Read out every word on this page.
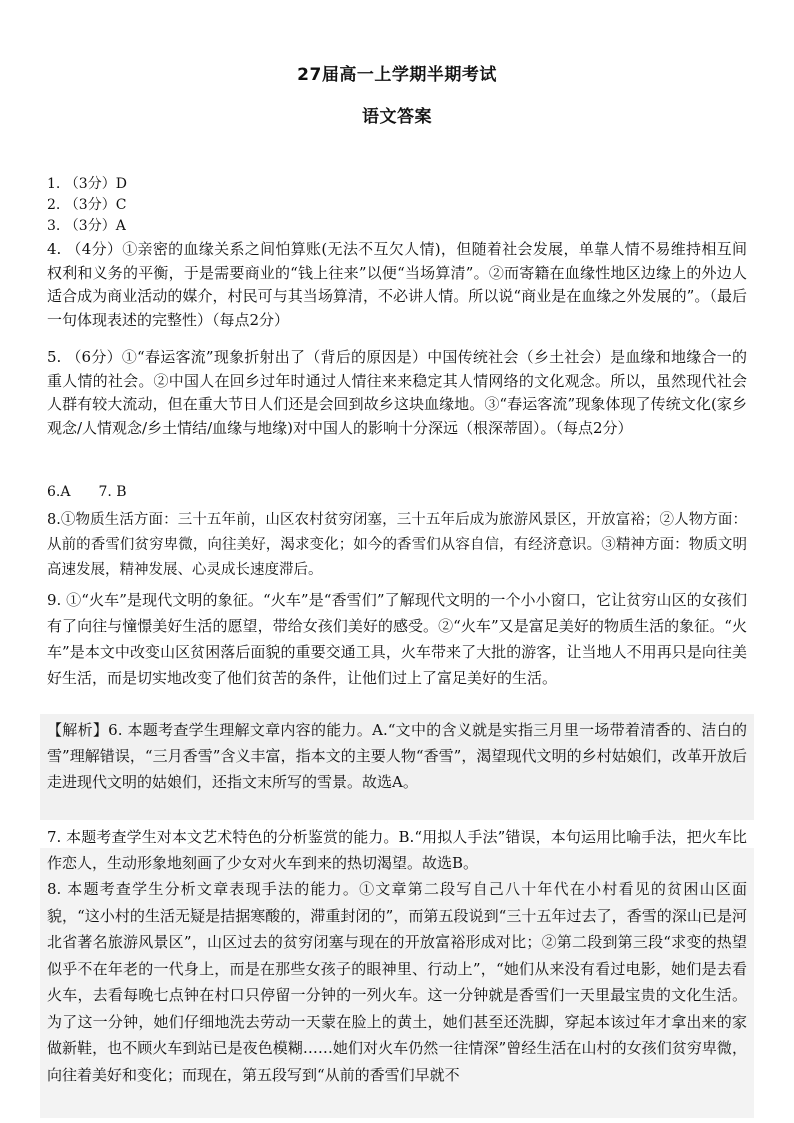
27届高一上学期半期考试
语文答案
1. （3分）D
2. （3分）C
3. （3分）A
4. （4分）①亲密的血缘关系之间怕算账(无法不互欠人情)，但随着社会发展，单靠人情不易维持相互间权利和义务的平衡，于是需要商业的“钱上往来”以便“当场算清”。②而寄籍在血缘性地区边缘上的外边人适合成为商业活动的媒介，村民可与其当场算清，不必讲人情。所以说“商业是在血缘之外发展的”。（最后一句体现表述的完整性）（每点2分）
5. （6分）①“春运客流”现象折射出了（背后的原因是）中国传统社会（乡土社会）是血缘和地缘合一的重人情的社会。②中国人在回乡过年时通过人情往来来稳定其人情网络的文化观念。所以，虽然现代社会人群有较大流动，但在重大节日人们还是会回到故乡这块血缘地。③“春运客流”现象体现了传统文化(家乡观念/人情观念/乡土情结/血缘与地缘)对中国人的影响十分深远（根深蒂固）。（每点2分）
6.A　　7. B
8.①物质生活方面：三十五年前，山区农村贫穷闭塞，三十五年后成为旅游风景区，开放富裕；②人物方面：从前的香雪们贫穷卑微，向往美好，渴求变化；如今的香雪们从容自信，有经济意识。③精神方面：物质文明高速发展，精神发展、心灵成长速度滞后。
9. ①“火车”是现代文明的象征。“火车”是“香雪们”了解现代文明的一个小小窗口，它让贫穷山区的女孩们有了向往与憧憬美好生活的愿望，带给女孩们美好的感受。②“火车”又是富足美好的物质生活的象征。“火车”是本文中改变山区贫困落后面貌的重要交通工具，火车带来了大批的游客，让当地人不用再只是向往美好生活，而是切实地改变了他们贫苦的条件，让他们过上了富足美好的生活。
【解析】6. 本题考查学生理解文章内容的能力。A.“文中的含义就是实指三月里一场带着清香的、洁白的雪”理解错误，“三月香雪”含义丰富，指本文的主要人物“香雪”，渴望现代文明的乡村姑娘们，改革开放后走进现代文明的姑娘们，还指文末所写的雪景。故选A。
7. 本题考查学生对本文艺术特色的分析鉴赏的能力。B.“用拟人手法”错误，本句运用比喻手法，把火车比作恋人，生动形象地刻画了少女对火车到来的热切渴望。故选B。
8. 本题考查学生分析文章表现手法的能力。①文章第二段写自己八十年代在小村看见的贫困山区面貌，“这小村的生活无疑是拮据寒酸的，滞重封闭的”，而第五段说到“三十五年过去了，香雪的深山已是河北省著名旅游风景区”，山区过去的贫穷闭塞与现在的开放富裕形成对比；②第二段到第三段“求变的热望似乎不在年老的一代身上，而是在那些女孩子的眼神里、行动上”，“她们从来没有看过电影，她们是去看火车，去看每晚七点钟在村口只停留一分钟的一列火车。这一分钟就是香雪们一天里最宝贵的文化生活。为了这一分钟，她们仔细地洗去劳动一天蒙在脸上的黄土，她们甚至还洗脚，穿起本该过年才拿出来的家做新鞋，也不顾火车到站已是夜色模糊……她们对火车仍然一往情深”曾经生活在山村的女孩们贫穷卑微，向往着美好和变化；而现在，第五段写到“从前的香雪们早就不
